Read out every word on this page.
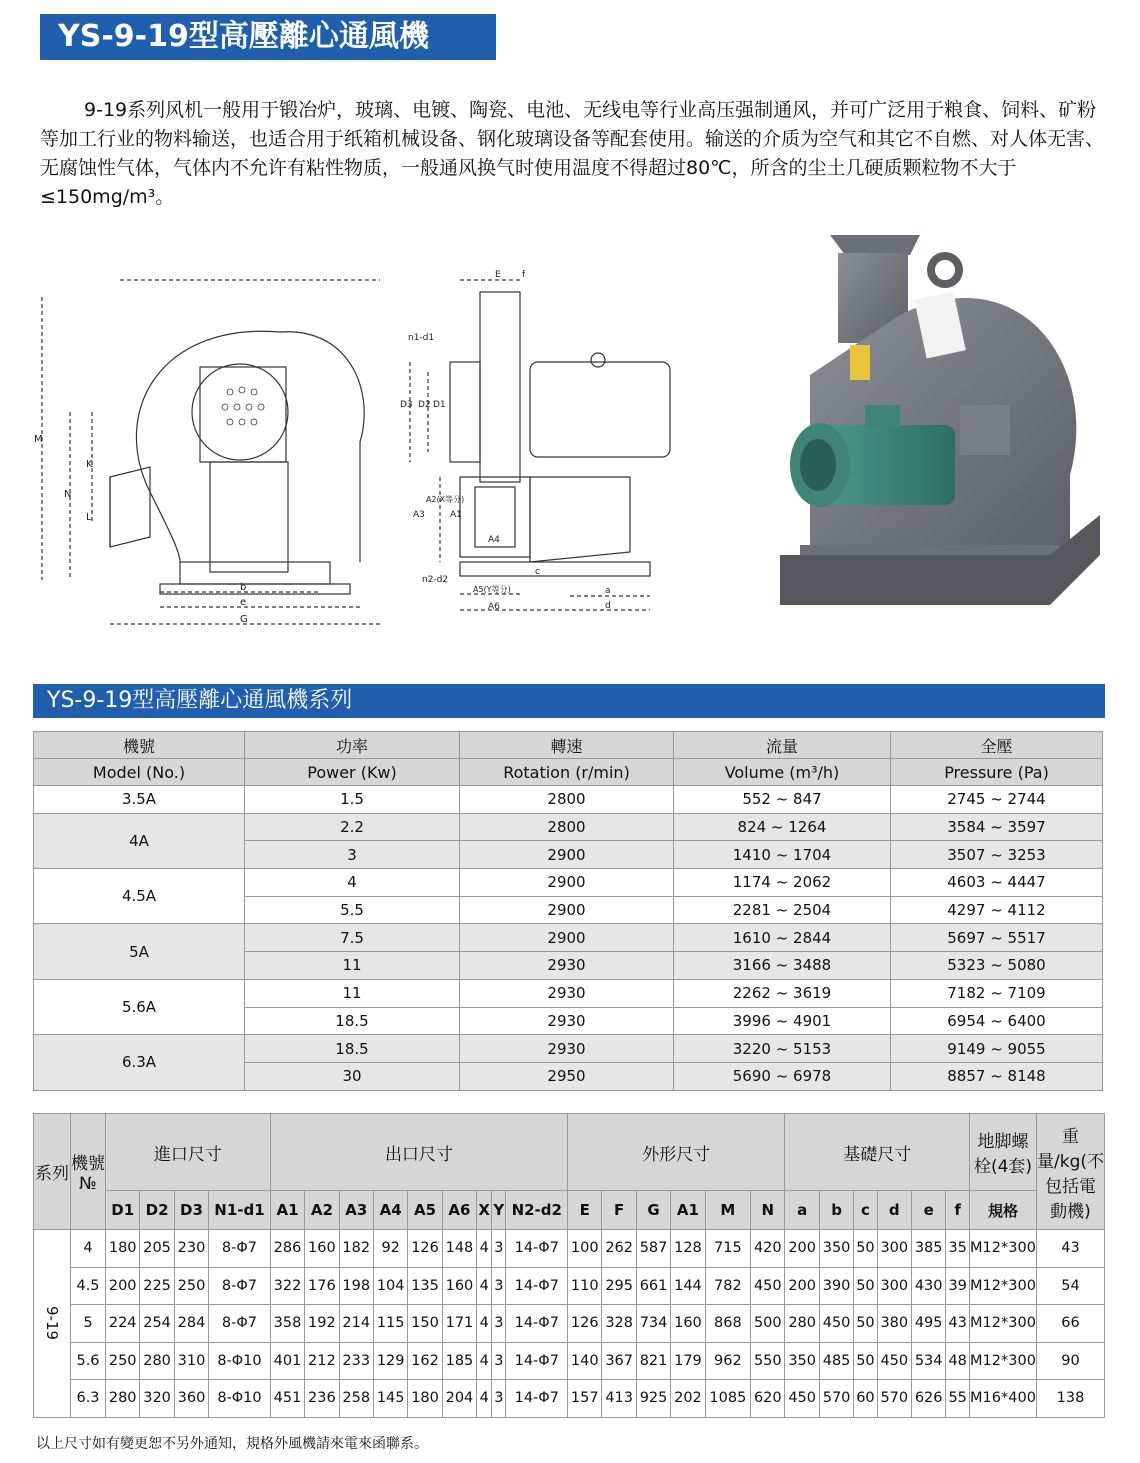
YS-9-19型高壓離心通風機

9-19系列风机一般用于锻冶炉，玻璃、电镀、陶瓷、电池、无线电等行业高压强制通风，并可广泛用于粮食、饲料、矿粉等加工行业的物料输送，也适合用于纸箱机械设备、钢化玻璃设备等配套使用。输送的介质为空气和其它不自燃、对人体无害、无腐蚀性气体，气体内不允许有粘性物质，一般通风换气时使用温度不得超过80℃，所含的尘土几硬质颗粒物不大于≤150mg/m³。

M
N
K
L
b
e
G
E f
n1-d1
D3 D2 D1
A3
A2(X等分)
A1
A4
n2-d2
A5(Y等分)
A6
c
a
d
YS-9-19型高壓離心通風機系列
機號	功率	轉速	流量	全壓
Model (No.)	Power (Kw)	Rotation (r/min)	Volume (m³/h)	Pressure (Pa)
3.5A	1.5	2800	552 ~ 847	2745 ~ 2744
4A	2.2	2800	824 ~ 1264	3584 ~ 3597
	3	2900	1410 ~ 1704	3507 ~ 3253
4.5A	4	2900	1174 ~ 2062	4603 ~ 4447
	5.5	2900	2281 ~ 2504	4297 ~ 4112
5A	7.5	2900	1610 ~ 2844	5697 ~ 5517
	11	2930	3166 ~ 3488	5323 ~ 5080
5.6A	11	2930	2262 ~ 3619	7182 ~ 7109
	18.5	2930	3996 ~ 4901	6954 ~ 6400
6.3A	18.5	2930	3220 ~ 5153	9149 ~ 9055
	30	2950	5690 ~ 6978	8857 ~ 8148
系列	機號№	進口尺寸				出口尺寸									外形尺寸						基礎尺寸						地脚螺栓(4套)	重量/kg(不包括電動機)
		D1	D2	D3	N1-d1	A1	A2	A3	A4	A5	A6	X	Y	N2-d2	E	F	G	A1	M	N	a	b	c	d	e	f	規格	
9-19	4	180	205	230	8-Φ7	286	160	182	92	126	148	4	3	14-Φ7	100	262	587	128	715	420	200	350	50	300	385	35	M12*300	43
	4.5	200	225	250	8-Φ7	322	176	198	104	135	160	4	3	14-Φ7	110	295	661	144	782	450	200	390	50	300	430	39	M12*300	54
	5	224	254	284	8-Φ7	358	192	214	115	150	171	4	3	14-Φ7	126	328	734	160	868	500	280	450	50	380	495	43	M12*300	66
	5.6	250	280	310	8-Φ10	401	212	233	129	162	185	4	3	14-Φ7	140	367	821	179	962	550	350	485	50	450	534	48	M12*300	90
	6.3	280	320	360	8-Φ10	451	236	258	145	180	204	4	3	14-Φ7	157	413	925	202	1085	620	450	570	60	570	626	55	M16*400	138
以上尺寸如有變更恕不另外通知，規格外風機請來電來函聯系。
